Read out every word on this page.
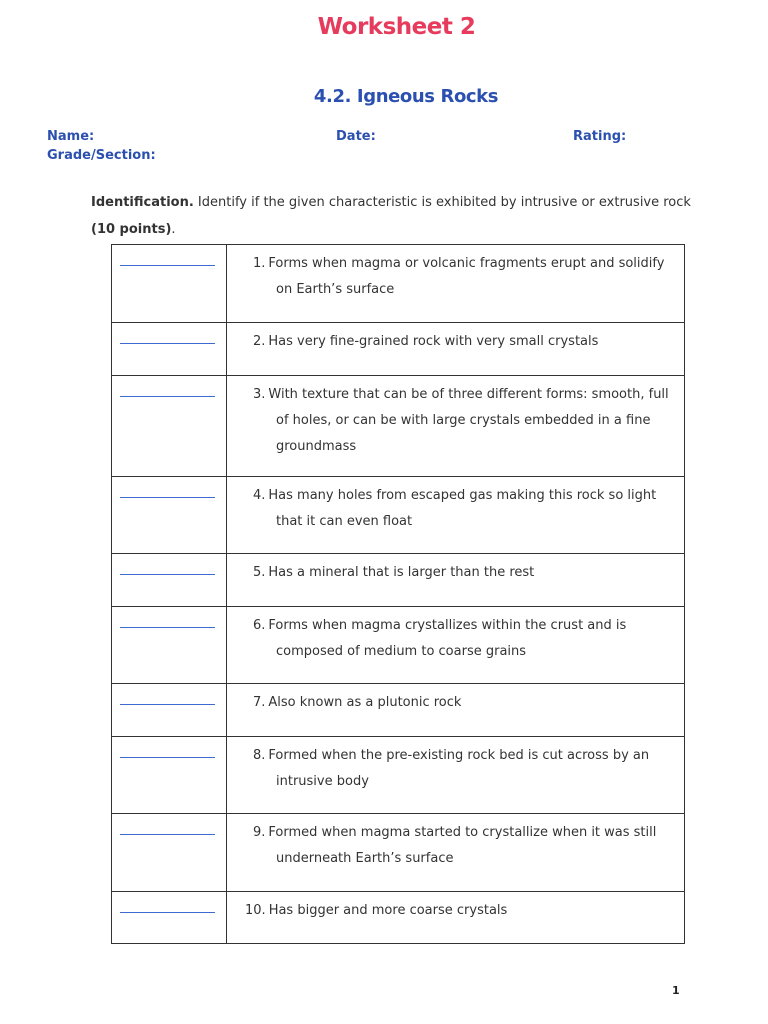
Worksheet 2
4.2. Igneous Rocks
Name:	Date:	Rating:
Grade/Section:
Identification. Identify if the given characteristic is exhibited by intrusive or extrusive rock (10 points).

	1. Forms when magma or volcanic fragments erupt and solidify on Earth’s surface

	2. Has very fine-grained rock with very small crystals

	3. With texture that can be of three different forms: smooth, full of holes, or can be with large crystals embedded in a fine groundmass

	4. Has many holes from escaped gas making this rock so light that it can even float

	5. Has a mineral that is larger than the rest

	6. Forms when magma crystallizes within the crust and is composed of medium to coarse grains

	7. Also known as a plutonic rock

	8. Formed when the pre-existing rock bed is cut across by an intrusive body

	9. Formed when magma started to crystallize when it was still underneath Earth’s surface

	10. Has bigger and more coarse crystals
1
